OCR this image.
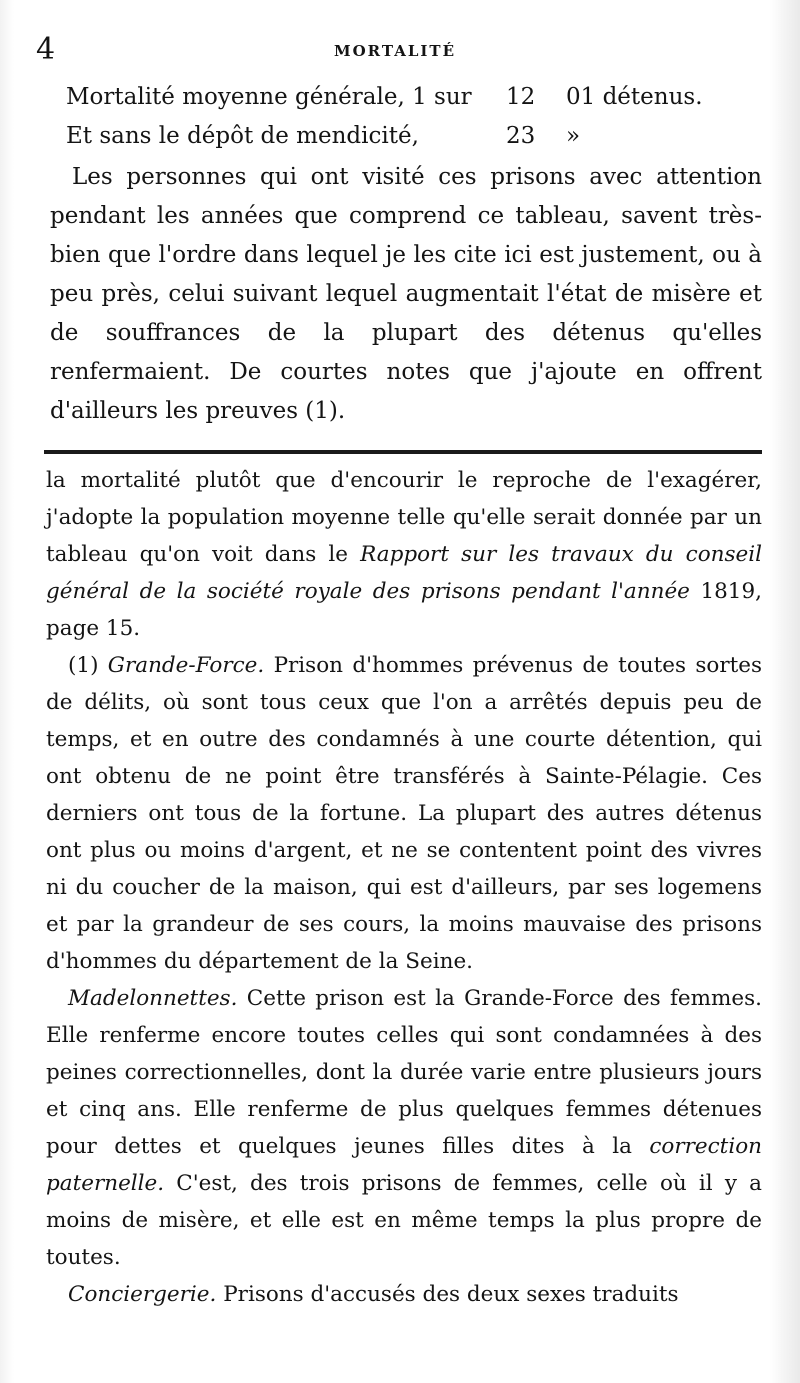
4	MORTALITÉ
Mortalité moyenne générale, 1 sur	12	01 détenus.
Et sans le dépôt de mendicité,	23	»
Les personnes qui ont visité ces prisons avec attention pendant les années que comprend ce tableau, savent très-bien que l'ordre dans lequel je les cite ici est justement, ou à peu près, celui suivant lequel augmentait l'état de misère et de souffrances de la plupart des détenus qu'elles renfermaient. De courtes notes que j'ajoute en offrent d'ailleurs les preuves (1).

la mortalité plutôt que d'encourir le reproche de l'exagérer, j'adopte la population moyenne telle qu'elle serait donnée par un tableau qu'on voit dans le Rapport sur les travaux du conseil général de la société royale des prisons pendant l'année 1819, page 15.

(1) Grande-Force. Prison d'hommes prévenus de toutes sortes de délits, où sont tous ceux que l'on a arrêtés depuis peu de temps, et en outre des condamnés à une courte détention, qui ont obtenu de ne point être transférés à Sainte-Pélagie. Ces derniers ont tous de la fortune. La plupart des autres détenus ont plus ou moins d'argent, et ne se contentent point des vivres ni du coucher de la maison, qui est d'ailleurs, par ses logemens et par la grandeur de ses cours, la moins mauvaise des prisons d'hommes du département de la Seine.

Madelonnettes. Cette prison est la Grande-Force des femmes. Elle renferme encore toutes celles qui sont condamnées à des peines correctionnelles, dont la durée varie entre plusieurs jours et cinq ans. Elle renferme de plus quelques femmes détenues pour dettes et quelques jeunes filles dites à la correction paternelle. C'est, des trois prisons de femmes, celle où il y a moins de misère, et elle est en même temps la plus propre de toutes.

Conciergerie. Prisons d'accusés des deux sexes traduits
